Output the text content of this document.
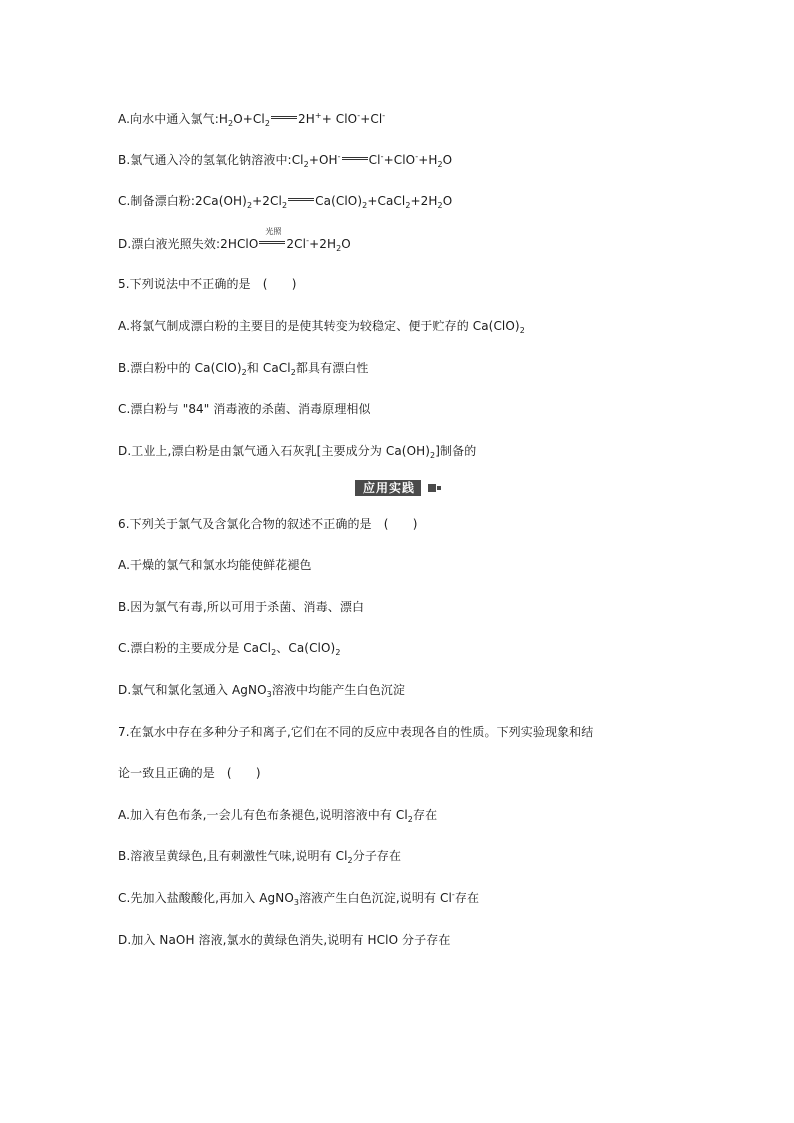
A.向水中通入氯气$:H_2O+Cl_2$ 2H++ ClO-+Cl-
B.氯气通入冷的氢氧化钠溶液中$:Cl_2+OH^-$ $Cl^-+ClO^-+H_2O$
C.制备漂白粉$:2Ca(OH)_2+2Cl_2$ $Ca(ClO)_2+CaCl_2+2H_2O$
D.漂白液光照失效:2HClO
光照
$2Cl^-+2H_2O$
5.下列说法中不正确的是　(　　)
A.将氯气制成漂白粉的主要目的是使其转变为较稳定、便于贮存的 $Ca(ClO)_2$
B.漂白粉中的 $Ca(ClO)_2$和 CaCl$_2$都具有漂白性
C.漂白粉与 "84" 消毒液的杀菌、消毒原理相似
D.工业上,漂白粉是由氯气通入石灰乳[主要成分为 $Ca(OH)_2$]制备的
应用实践
6.下列关于氯气及含氯化合物的叙述不正确的是　(　　)
A.干燥的氯气和氯水均能使鲜花褪色
B.因为氯气有毒,所以可用于杀菌、消毒、漂白
C.漂白粉的主要成分是 CaCl$_2$、$Ca(ClO)_2$
D.氯气和氯化氢通入 AgNO$_3$溶液中均能产生白色沉淀
7.在氯水中存在多种分子和离子,它们在不同的反应中表现各自的性质。下列实验现象和结
论一致且正确的是　(　　)
A.加入有色布条,一会儿有色布条褪色,说明溶液中有 $Cl_2$存在
B.溶液呈黄绿色,且有刺激性气味,说明有 $Cl_2$分子存在
C.先加入盐酸酸化,再加入 AgNO$_3$溶液产生白色沉淀,说明有 Cl-存在
D.加入 NaOH 溶液,氯水的黄绿色消失,说明有 HClO 分子存在
